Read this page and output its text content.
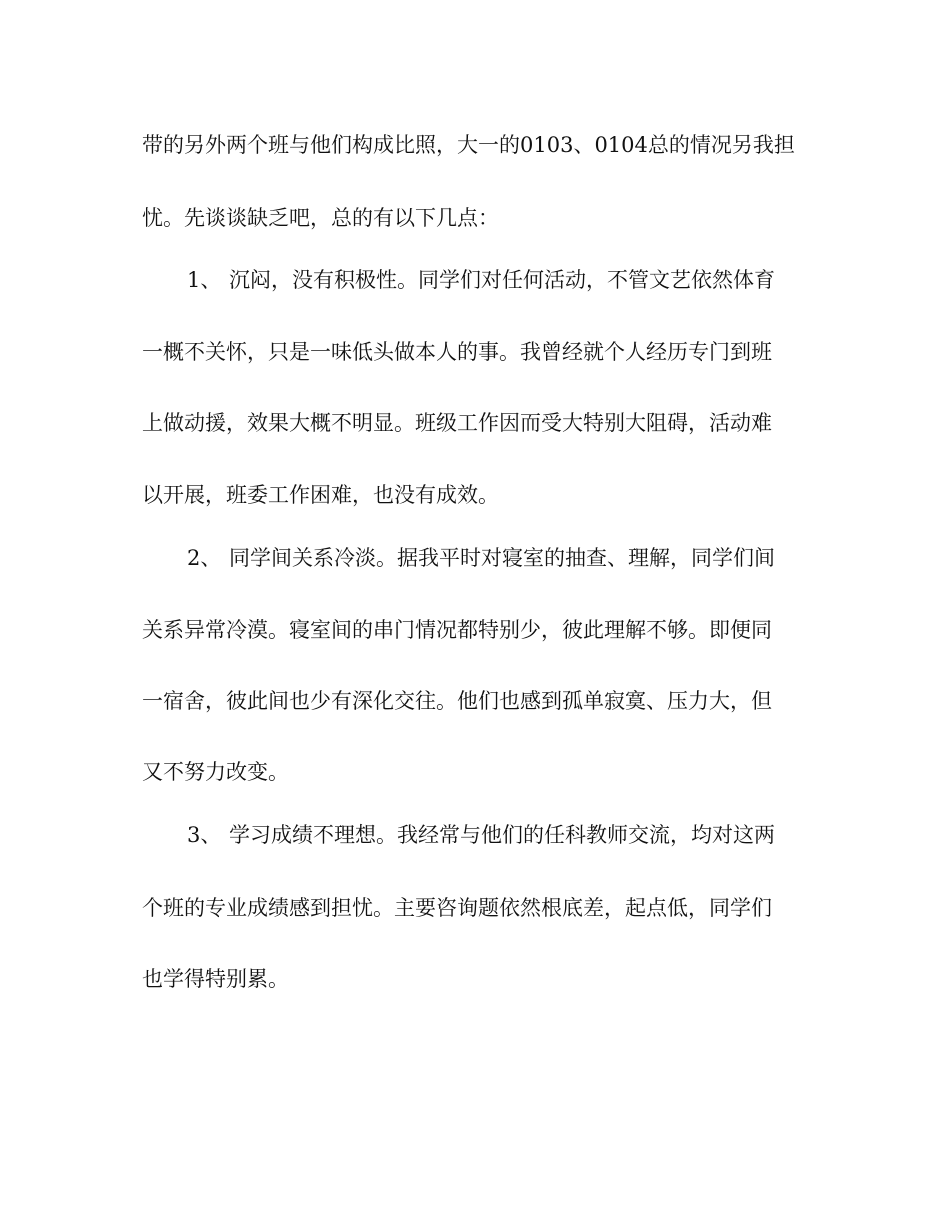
带的另外两个班与他们构成比照，大一的0103、0104总的情况另我担

忧。先谈谈缺乏吧，总的有以下几点：

1、 沉闷，没有积极性。同学们对任何活动，不管文艺依然体育

一概不关怀，只是一味低头做本人的事。我曾经就个人经历专门到班

上做动援，效果大概不明显。班级工作因而受大特别大阻碍，活动难

以开展，班委工作困难，也没有成效。

2、 同学间关系冷淡。据我平时对寝室的抽查、理解，同学们间

关系异常冷漠。寝室间的串门情况都特别少，彼此理解不够。即便同

一宿舍，彼此间也少有深化交往。他们也感到孤单寂寞、压力大，但

又不努力改变。

3、 学习成绩不理想。我经常与他们的任科教师交流，均对这两

个班的专业成绩感到担忧。主要咨询题依然根底差，起点低，同学们

也学得特别累。
